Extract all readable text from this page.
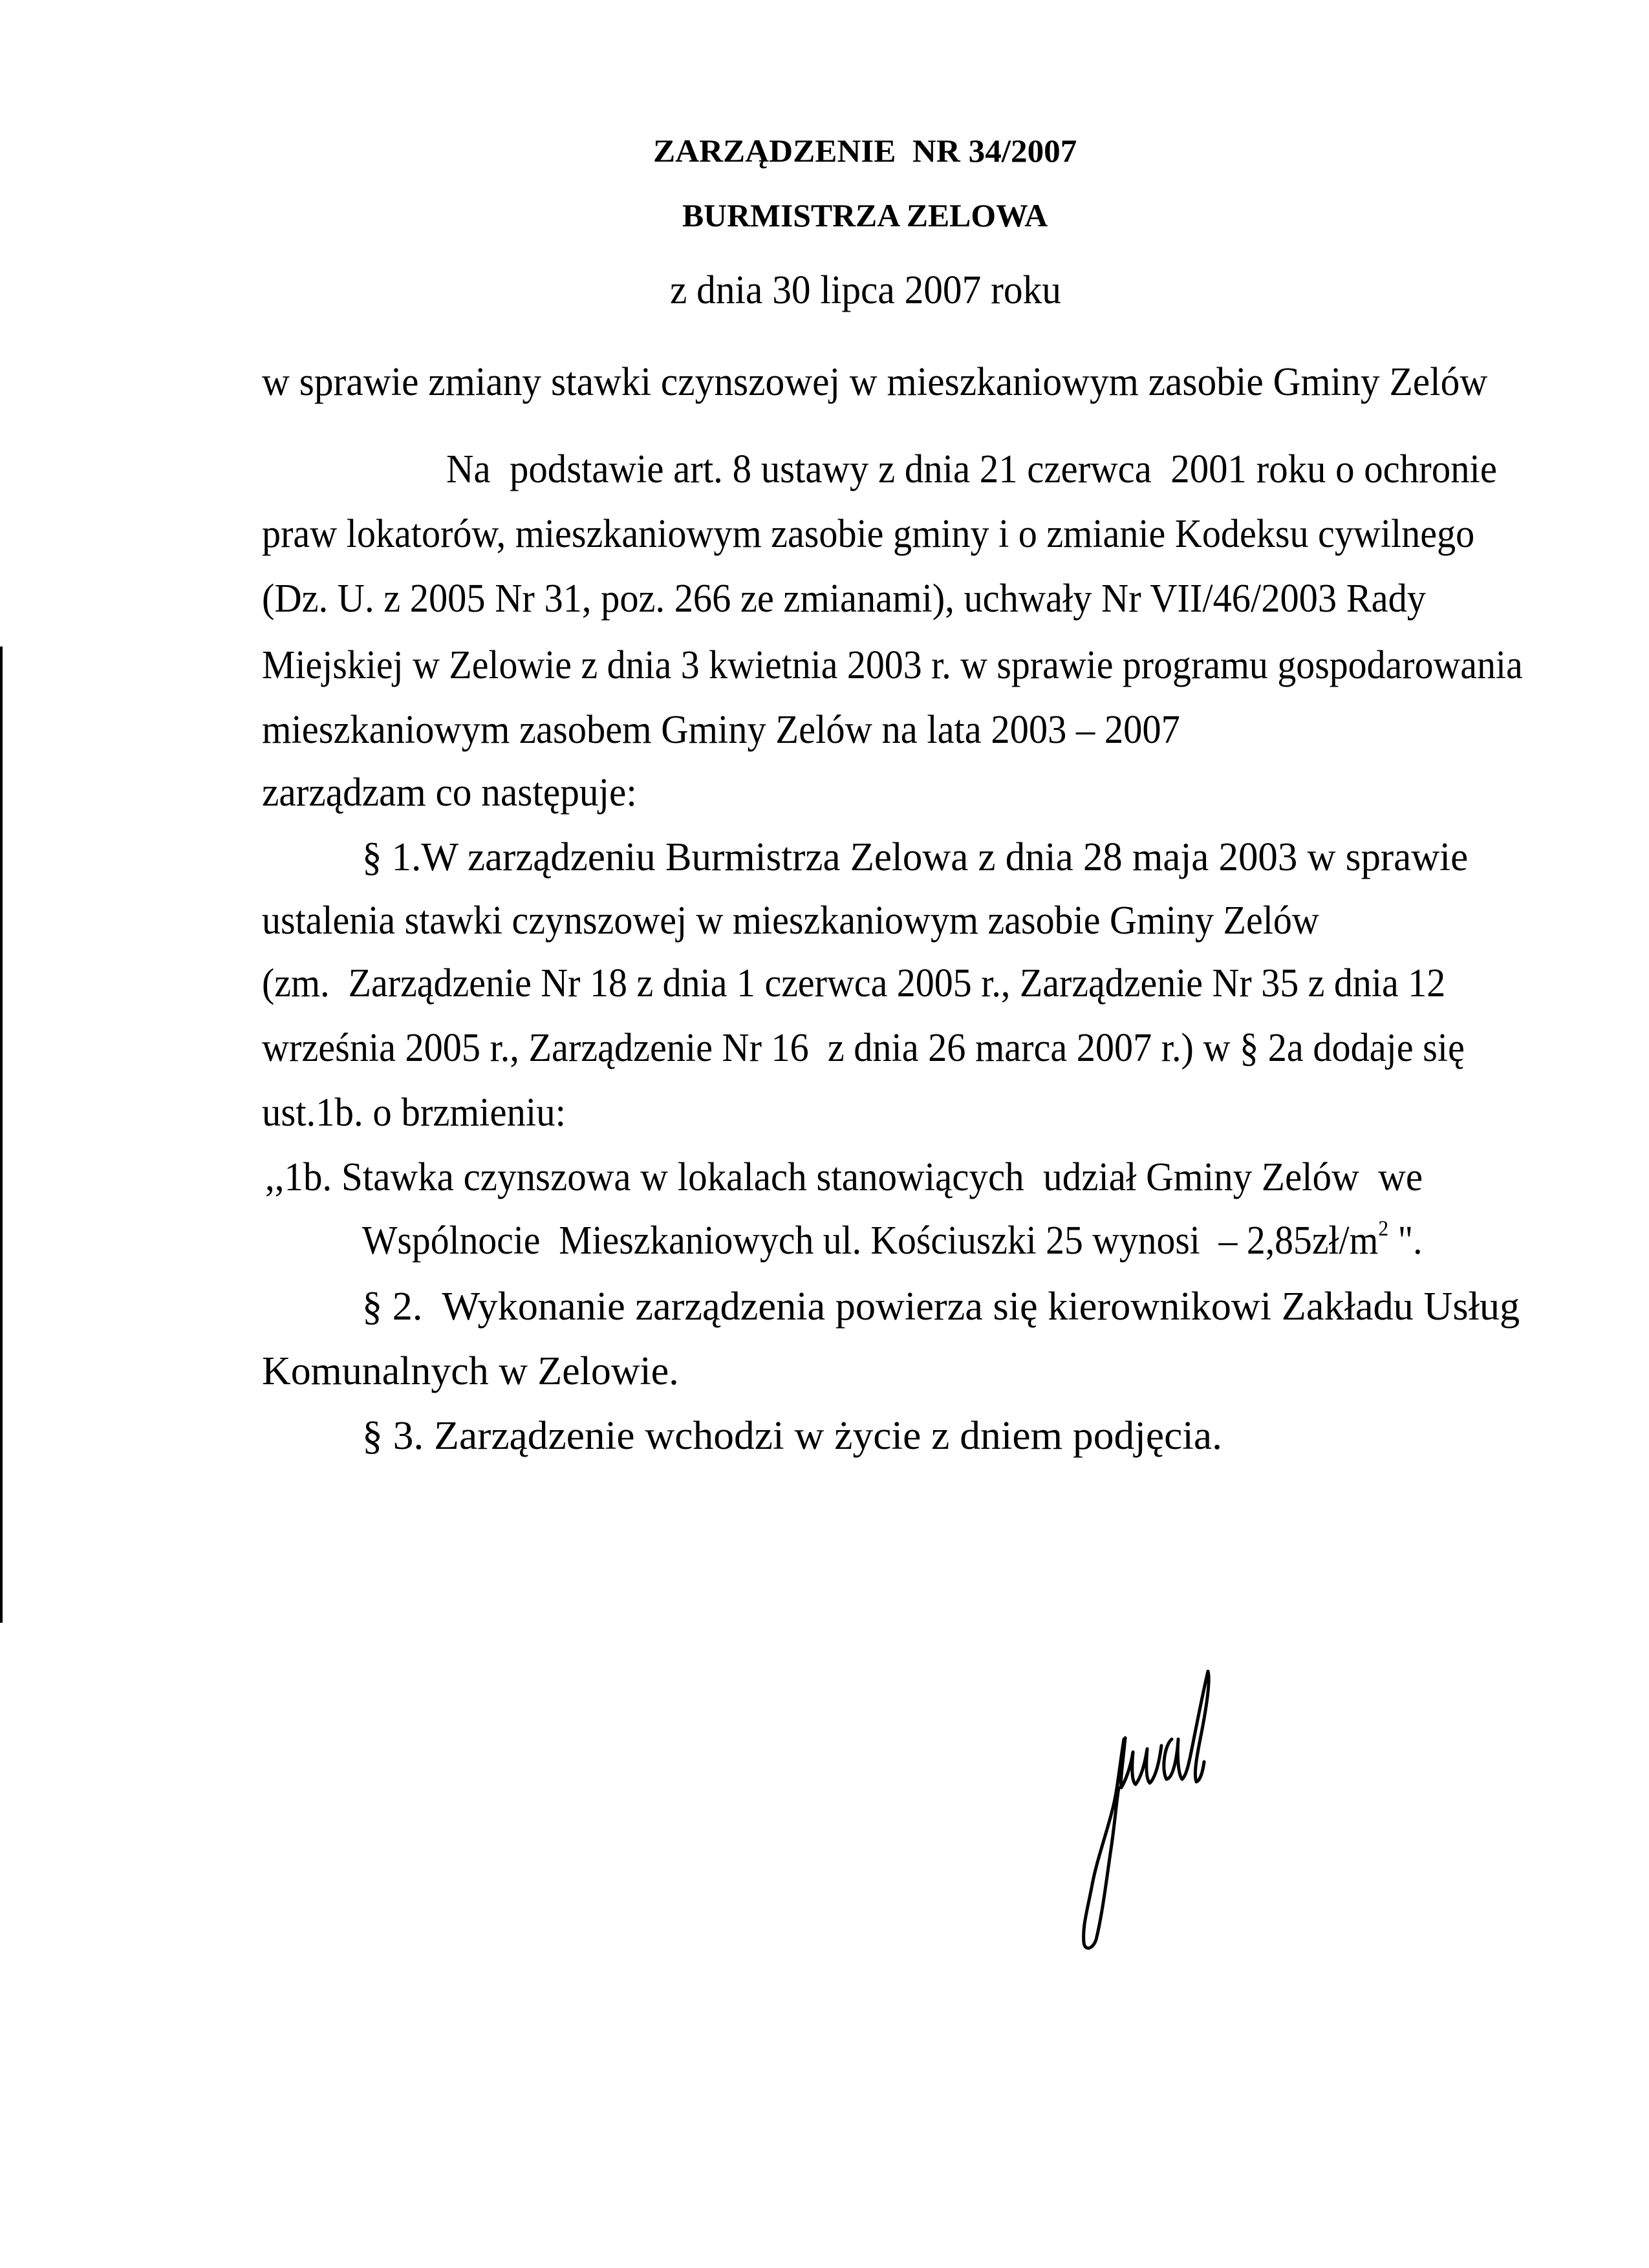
ZARZĄDZENIE  NR 34/2007
BURMISTRZA ZELOWA
z dnia 30 lipca 2007 roku
w sprawie zmiany stawki czynszowej w mieszkaniowym zasobie Gminy Zelów
Na  podstawie art. 8 ustawy z dnia 21 czerwca  2001 roku o ochronie
praw lokatorów, mieszkaniowym zasobie gminy i o zmianie Kodeksu cywilnego
(Dz. U. z 2005 Nr 31, poz. 266 ze zmianami), uchwały Nr VII/46/2003 Rady
Miejskiej w Zelowie z dnia 3 kwietnia 2003 r. w sprawie programu gospodarowania
mieszkaniowym zasobem Gminy Zelów na lata 2003 – 2007
zarządzam co następuje:
§ 1.W zarządzeniu Burmistrza Zelowa z dnia 28 maja 2003 w sprawie
ustalenia stawki czynszowej w mieszkaniowym zasobie Gminy Zelów
(zm.  Zarządzenie Nr 18 z dnia 1 czerwca 2005 r., Zarządzenie Nr 35 z dnia 12
września 2005 r., Zarządzenie Nr 16  z dnia 26 marca 2007 r.) w § 2a dodaje się
ust.1b. o brzmieniu:
,,1b. Stawka czynszowa w lokalach stanowiących  udział Gminy Zelów  we
Wspólnocie  Mieszkaniowych ul. Kościuszki 25 wynosi  – $2,85zł/m^2$ ".
§ 2.  Wykonanie zarządzenia powierza się kierownikowi Zakładu Usług
Komunalnych w Zelowie.
§ 3. Zarządzenie wchodzi w życie z dniem podjęcia.
